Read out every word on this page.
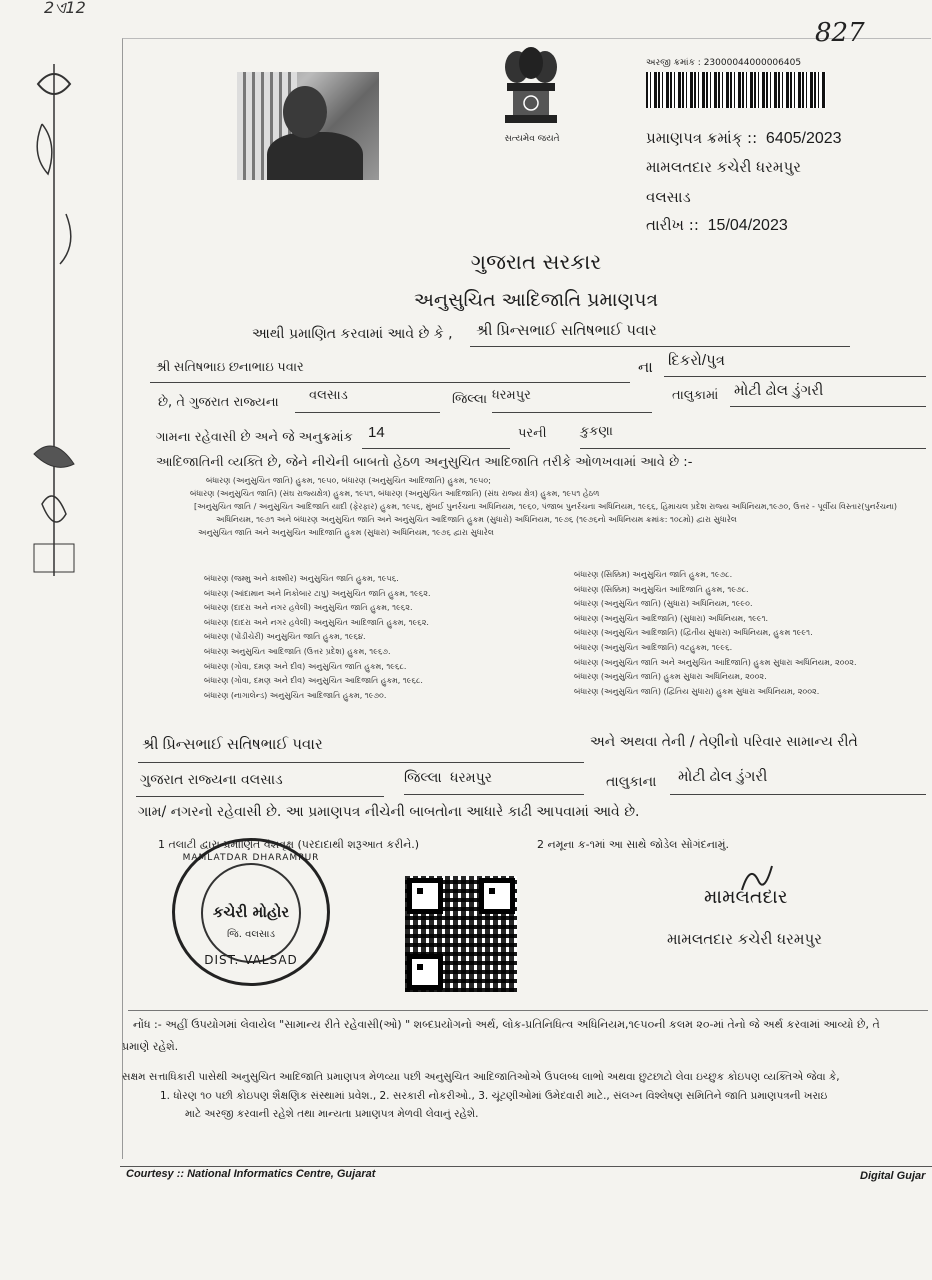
2ଏ12
827
સત્યમેવ જયતે
અરજી ક્રમાંક : 23000044000006405
પ્રમાણપત્ર ક્રમાંક્ :: 6405/2023
મામલતદાર કચેરી ધરમપુર
વલસાડ
તારીખ :: 15/04/2023
ગુજરાત સરકાર
અનુસુચિત આદિજાતિ પ્રમાણપત્ર
આથી પ્રમાણિત કરવામાં આવે છે કે ,	શ્રી પ્રિન્સભાઈ સતિષભાઈ પવાર
શ્રી સતિષભાઇ છનાભાઇ પવાર	ના દિકરો/પુત્ર
છે, તે ગુજરાત રાજ્યના	વલસાડ	જિલ્લા ધરમપુર	તાલુકામાં મોટી ઢોલ ડુંગરી
ગામના રહેવાસી છે અને જે અનુક્રમાંક	14	પરની	કુકણા
આદિજાતિની વ્યક્તિ છે, જેને નીચેની બાબતો હેઠળ અનુસુચિત આદિજાતિ તરીકે ઓળખવામાં આવે છે :-
બંધારણ (અનુસુચિત જાતિ) હુકમ, ૧૯૫૦, બંધારણ (અનુસુચિત આદિજાતિ) હુકમ, ૧૯૫૦;
બંધારણ (અનુસુચિત જાતિ) (સંઘ રાજ્યક્ષેત્ર) હુકમ, ૧૯૫૧, બંધારણ (અનુસુચિત આદિજાતિ) (સંઘ રાજ્ય ક્ષેત્ર) હુકમ, ૧૯૫૧ હેઠળ
[અનુસુચિત જાતિ / અનુસુચિત આદિજાતિ યાદી (ફેરફાર) હુકમ, ૧૯૫૬, મુંબઈ પુનર્રચના અધિનિયમ, ૧૯૬૦, પંજાબ પુનર્રચના અધિનિયમ, ૧૯૬૬, હિમાચલ પ્રદેશ રાજ્ય અધિનિયમ,૧૯૭૦, ઉત્તર - પૂર્વીય વિસ્તાર(પુનર્રચના)
અધિનિયમ, ૧૯૭૧ અને બંધારણ અનુસુચિત જાતિ અને અનુસુચિત આદિજાતિ હુકમ (સુધારો) અધિનિયમ, ૧૯૭૬ (૧૯૭૬નો અધિનિયમ ક્રમાંક: ૧૦૮મો) દ્વારા સુધારેલ
અનુસુચિત જાતિ અને અનુસુચિત આદિજાતિ હુકમ (સુધારા) અધિનિયમ, ૧૯૭૬ દ્વારા સુધારેલ
બંધારણ (જમ્મુ અને કાશ્મીર) અનુસુચિત જાતિ હુકમ, ૧૯૫૬.
બંધારણ (આંદામાન અને નિકોબાર ટાપુ) અનુસુચિત જાતિ હુકમ, ૧૯૬૨.
બંધારણ (દાદરા અને નગર હવેલી) અનુસુચિત જાતિ હુકમ, ૧૯૬૨.
બંધારણ (દાદરા અને નગર હવેલી) અનુસુચિત આદિજાતિ હુકમ, ૧૯૬૨.
બંધારણ (પોંડીચેરી) અનુસુચિત જાતિ હુકમ, ૧૯૬૪.
બંધારણ અનુસુચિત આદિજાતિ (ઉત્તર પ્રદેશ) હુકમ, ૧૯૬૭.
બંધારણ (ગોવા, દમણ અને દીવ) અનુસુચિત જાતિ હુકમ, ૧૯૬૮.
બંધારણ (ગોવા, દમણ અને દીવ) અનુસુચિત આદિજાતિ હુકમ, ૧૯૬૮.
બંધારણ (નાગાલેન્ડ) અનુસુચિત આદિજાતિ હુકમ, ૧૯૭૦.
બંધારણ (સિક્કિમ) અનુસુચિત જાતિ હુકમ, ૧૯૭૮.
બંધારણ (સિક્કિમ) અનુસુચિત આદિજાતિ હુકમ, ૧૯૭૮.
બંધારણ (અનુસુચિત જાતિ) (સુધારા) અધિનિયમ, ૧૯૯૦.
બંધારણ (અનુસુચિત આદિજાતિ) (સુધારા) અધિનિયમ, ૧૯૯૧.
બંધારણ (અનુસુચિત આદિજાતિ) (દ્વિતીય સુધારા) અધિનિયમ, હુકમ ૧૯૯૧.
બંધારણ (અનુસુચિત આદિજાતિ) વટહુકમ, ૧૯૯૬.
બંધારણ (અનુસુચિત જાતિ અને અનુસુચિત આદિજાતિ) હુકમ સુધારા અધિનિયમ, ૨૦૦૨.
બંધારણ (અનુસુચિત જાતિ) હુકમ સુધારા અધિનિયમ, ૨૦૦૨.
બંધારણ (અનુસુચિત જાતિ) (દ્વિતિય સુધારા) હુકમ સુધારા અધિનિયમ, ૨૦૦૨.
શ્રી પ્રિન્સભાઈ સતિષભાઈ પવાર	અને અથવા તેની / તેણીનો પરિવાર સામાન્ય રીતે
ગુજરાત રાજ્યના વલસાડ	જિલ્લા ધરમપુર	તાલુકાના	મોટી ઢોલ ડુંગરી
ગામ/ નગરનો રહેવાસી છે. આ પ્રમાણપત્ર નીચેની બાબતોના આધારે કાઢી આપવામાં આવે છે.
1 તલાટી દ્વારા પ્રમાણિત વંશવૃક્ષ (પરદાદાથી શરૂઆત કરીને.)	2 નમૂના ક-૧માં આ સાથે જોડેલ સોગંદનામું.
MAMLATDAR DHARAMPUR
કચેરી મોહોર
જિ. વલસાડ
DIST. VALSAD
મામલતદાર
મામલતદાર કચેરી ધરમપુર
નોંધ :- અહીં ઉપયોગમાં લેવાયેલ "સામાન્ય રીતે રહેવાસી(ઓ) " શબ્દપ્રયોગનો અર્થ, લોક-પ્રતિનિધિત્વ અધિનિયમ,૧૯૫૦ની કલમ ૨૦-માં તેનો જે અર્થ કરવામાં આવ્યો છે, તે
પ્રમાણે રહેશે.
સક્ષમ સત્તાધિકારી પાસેથી અનુસુચિત આદિજાતિ પ્રમાણપત્ર મેળવ્યા પછી અનુસુચિત આદિજાતિઓએ ઉપલબ્ધ લાભો અથવા છુટછાટો લેવા ઇચ્છુક કોઇપણ વ્યક્તિએ જેવા કે,
1. ધોરણ ૧૦ પછી કોઇપણ શૈક્ષણિક સંસ્થામાં પ્રવેશ., 2. સરકારી નોકરીઓ., 3. ચૂંટણીઓમાં ઉમેદવારી માટે., સંલગ્ન વિશ્લેષણ સમિતિને જાતિ પ્રમાણપત્રની ખરાઇ
માટે અરજી કરવાની રહેશે તથા માન્યતા પ્રમાણપત્ર મેળવી લેવાનું રહેશે.
Courtesy :: National Informatics Centre, Gujarat	Digital Gujar
